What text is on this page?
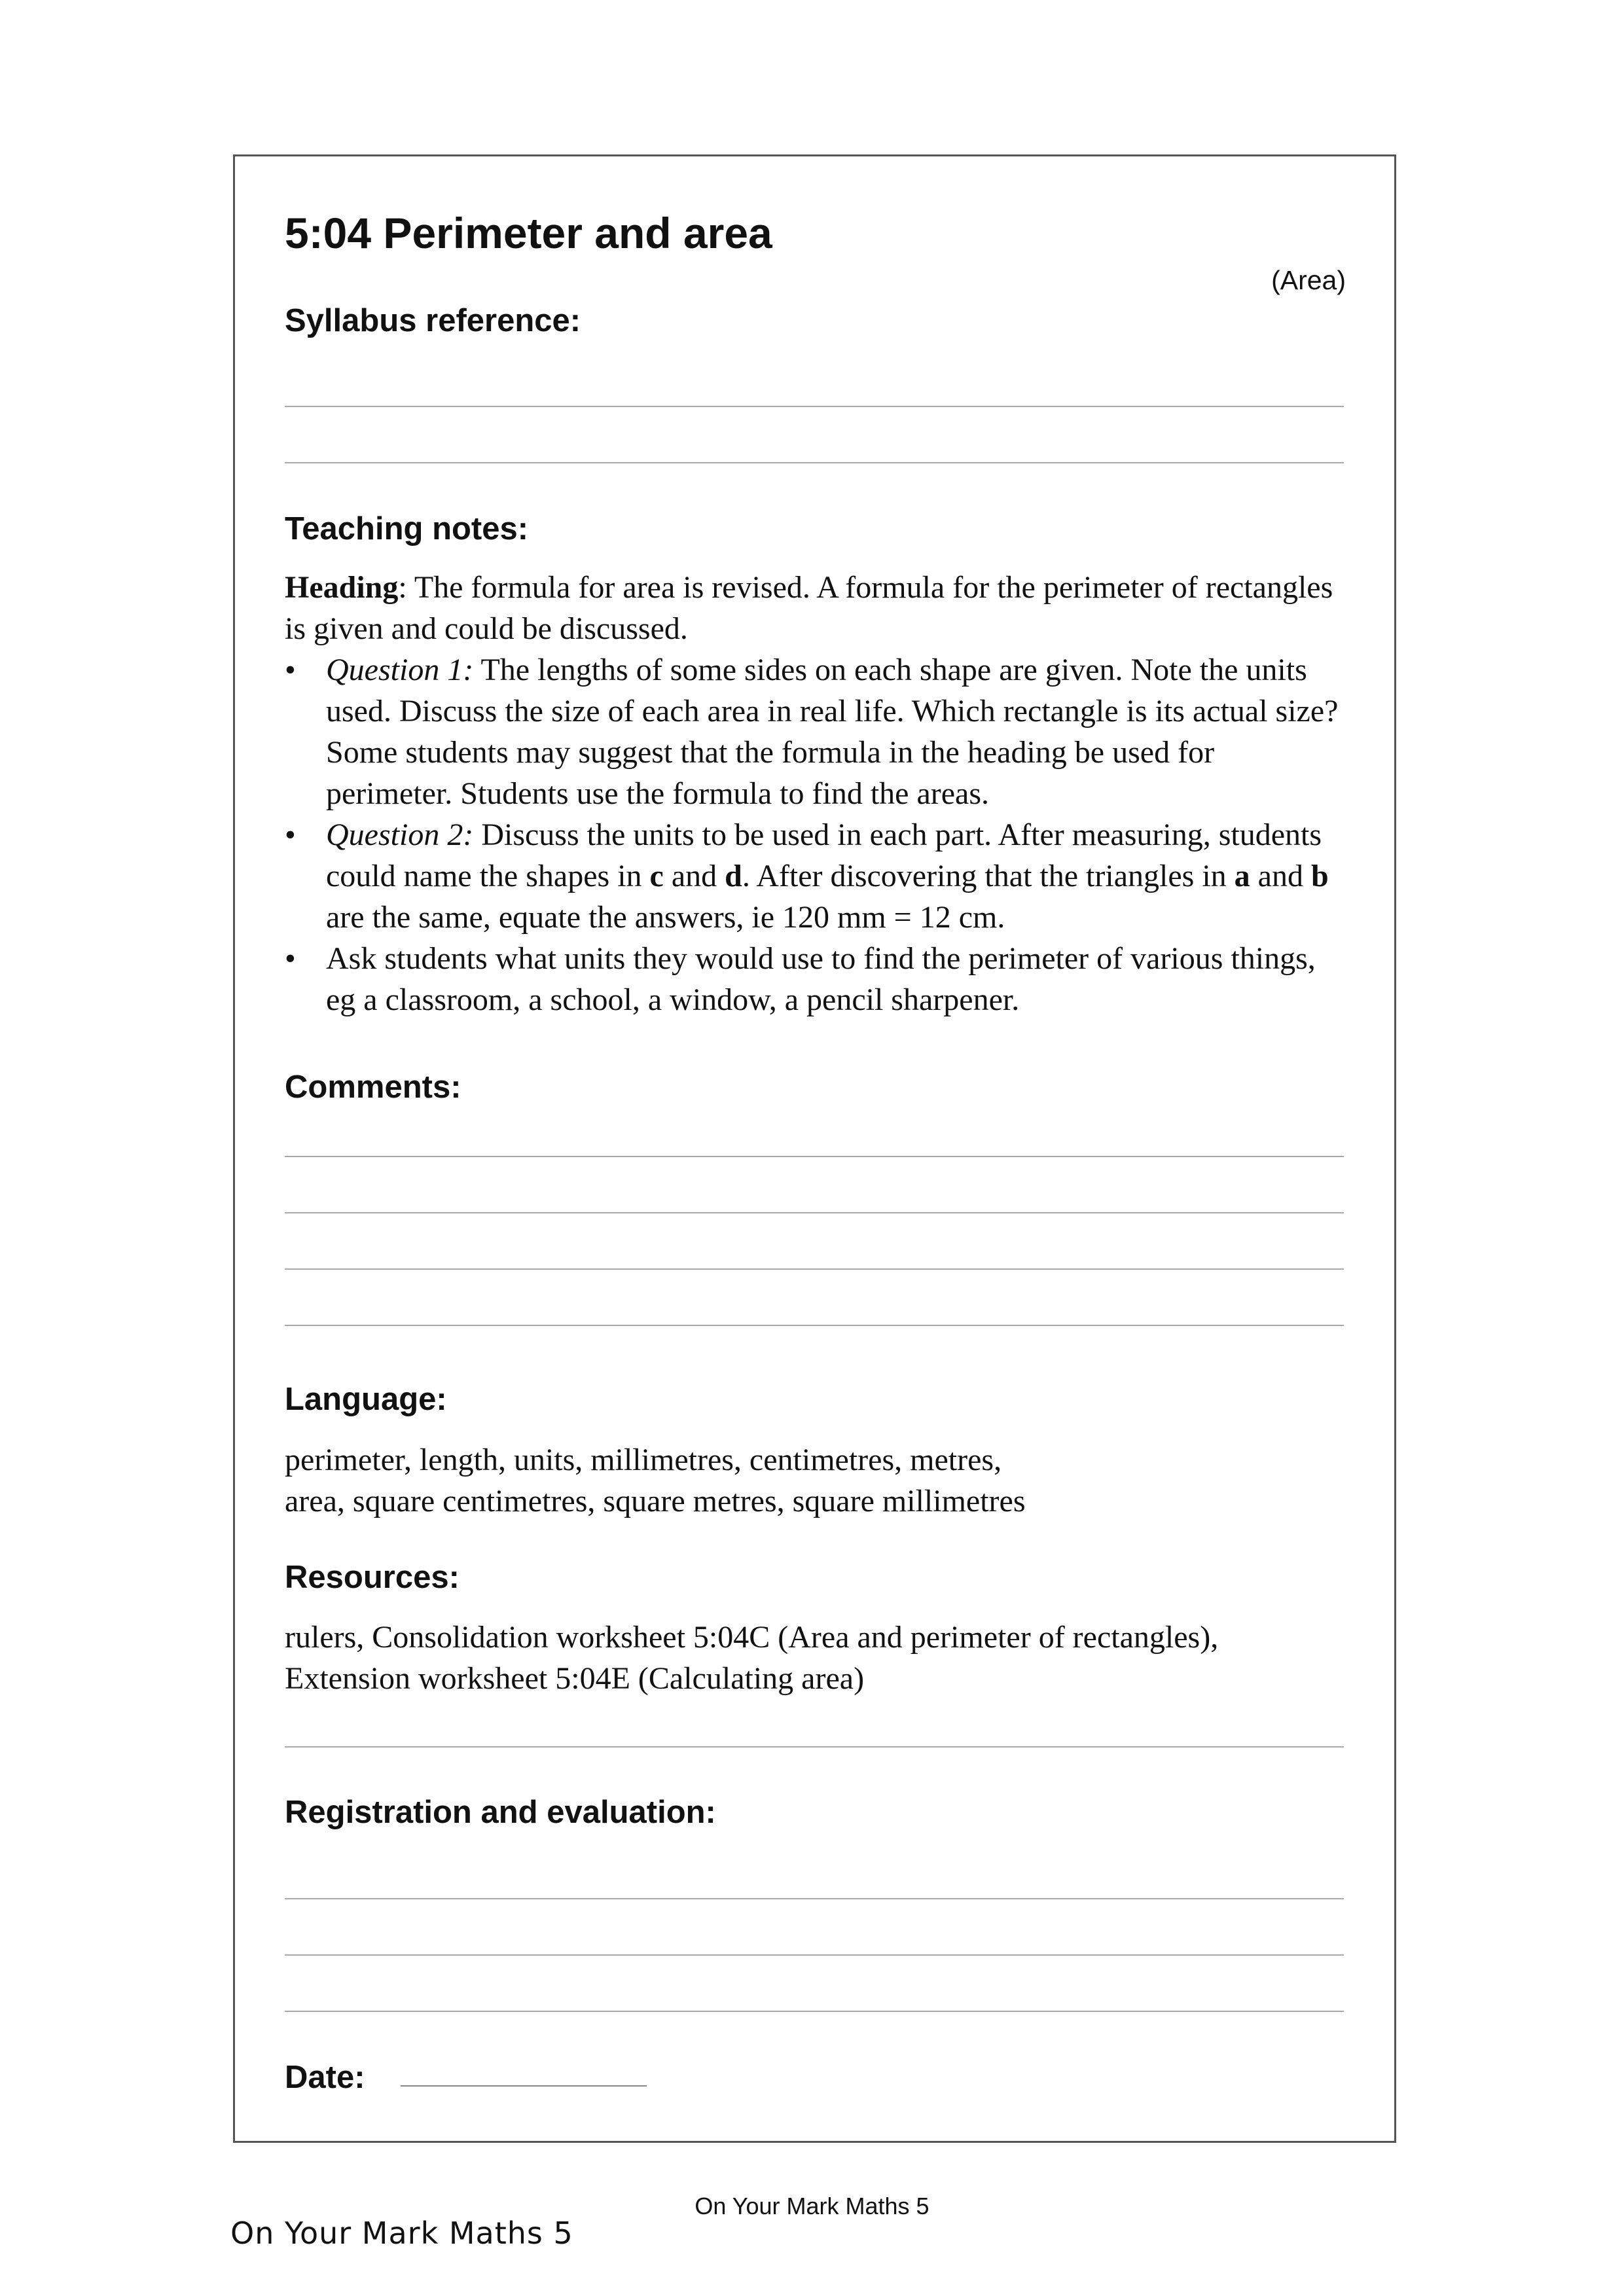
5:04 Perimeter and area
(Area)
Syllabus reference:
Teaching notes:

Heading: The formula for area is revised. A formula for the perimeter of rectangles is given and could be discussed.

• Question 1: The lengths of some sides on each shape are given. Note the units used. Discuss the size of each area in real life. Which rectangle is its actual size? Some students may suggest that the formula in the heading be used for perimeter. Students use the formula to find the areas.
• Question 2: Discuss the units to be used in each part. After measuring, students could name the shapes in c and d. After discovering that the triangles in a and b are the same, equate the answers, ie 120 mm = 12 cm.
• Ask students what units they would use to find the perimeter of various things, eg a classroom, a school, a window, a pencil sharpener.
Comments:
Language:

perimeter, length, units, millimetres, centimetres, metres,

area, square centimetres, square metres, square millimetres

Resources:

rulers, Consolidation worksheet 5:04C (Area and perimeter of rectangles),

Extension worksheet 5:04E (Calculating area)

Registration and evaluation:
Date:
On Your Mark Maths 5
On Your Mark Maths 5
